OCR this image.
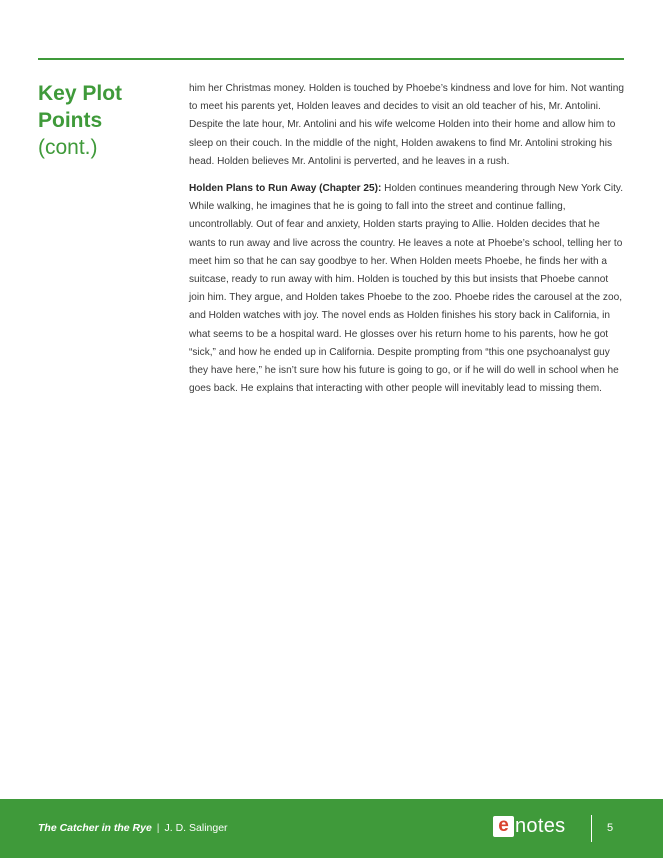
Key Plot
Points
(cont.)

him her Christmas money. Holden is touched by Phoebe’s kindness and love for him. Not wanting to meet his parents yet, Holden leaves and decides to visit an old teacher of his, Mr. Antolini. Despite the late hour, Mr. Antolini and his wife welcome Holden into their home and allow him to sleep on their couch. In the middle of the night, Holden awakens to find Mr. Antolini stroking his head. Holden believes Mr. Antolini is perverted, and he leaves in a rush.

Holden Plans to Run Away (Chapter 25): Holden continues meandering through New York City. While walking, he imagines that he is going to fall into the street and continue falling, uncontrollably. Out of fear and anxiety, Holden starts praying to Allie. Holden decides that he wants to run away and live across the country. He leaves a note at Phoebe’s school, telling her to meet him so that he can say goodbye to her. When Holden meets Phoebe, he finds her with a suitcase, ready to run away with him. Holden is touched by this but insists that Phoebe cannot join him. They argue, and Holden takes Phoebe to the zoo. Phoebe rides the carousel at the zoo, and Holden watches with joy. The novel ends as Holden finishes his story back in California, in what seems to be a hospital ward. He glosses over his return home to his parents, how he got “sick,” and how he ended up in California. Despite prompting from “this one psychoanalyst guy they have here,” he isn’t sure how his future is going to go, or if he will do well in school when he goes back. He explains that interacting with other people will inevitably lead to missing them.

The Catcher in the Rye | J. D. Salinger	e notes	5
